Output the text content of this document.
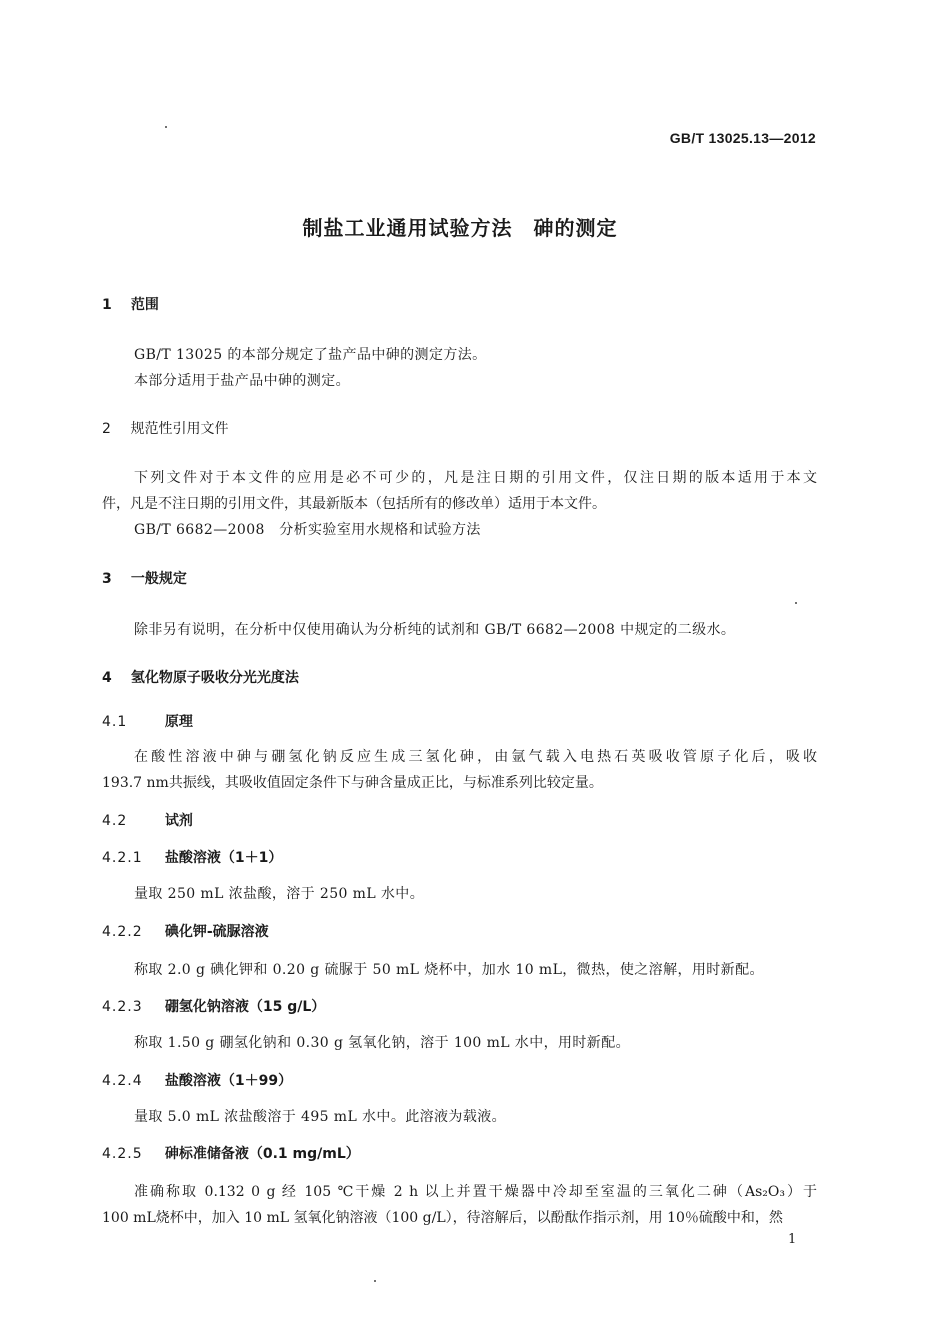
GB/T 13025.13—2012
制盐工业通用试验方法　砷的测定
1 范围
GB/T 13025 的本部分规定了盐产品中砷的测定方法。
本部分适用于盐产品中砷的测定。
2 规范性引用文件
下列文件对于本文件的应用是必不可少的，凡是注日期的引用文件，仅注日期的版本适用于本文
件，凡是不注日期的引用文件，其最新版本（包括所有的修改单）适用于本文件。
GB/T 6682—2008　分析实验室用水规格和试验方法
3 一般规定
除非另有说明，在分析中仅使用确认为分析纯的试剂和 GB/T 6682—2008 中规定的二级水。
4 氢化物原子吸收分光光度法
4.1	原理
在酸性溶液中砷与硼氢化钠反应生成三氢化砷，由氩气载入电热石英吸收管原子化后，吸收
193.7 nm共振线，其吸收值固定条件下与砷含量成正比，与标准系列比较定量。
4.2	试剂
4.2.1 盐酸溶液（1＋1）
量取 250 mL 浓盐酸，溶于 250 mL 水中。
4.2.2 碘化钾-硫脲溶液
称取 2.0 g 碘化钾和 0.20 g 硫脲于 50 mL 烧杯中，加水 10 mL，微热，使之溶解，用时新配。
4.2.3 硼氢化钠溶液（15 g/L）
称取 1.50 g 硼氢化钠和 0.30 g 氢氧化钠，溶于 100 mL 水中，用时新配。
4.2.4 盐酸溶液（1＋99）
量取 5.0 mL 浓盐酸溶于 495 mL 水中。此溶液为载液。
4.2.5 砷标准储备液（0.1 mg/mL）
准确称取 0.132 0 g 经 105 ℃干燥 2 h 以上并置干燥器中冷却至室温的三氧化二砷（As₂O₃）于
100 mL烧杯中，加入 10 mL 氢氧化钠溶液（100 g/L），待溶解后，以酚酞作指示剂，用 10％硫酸中和，然
1
